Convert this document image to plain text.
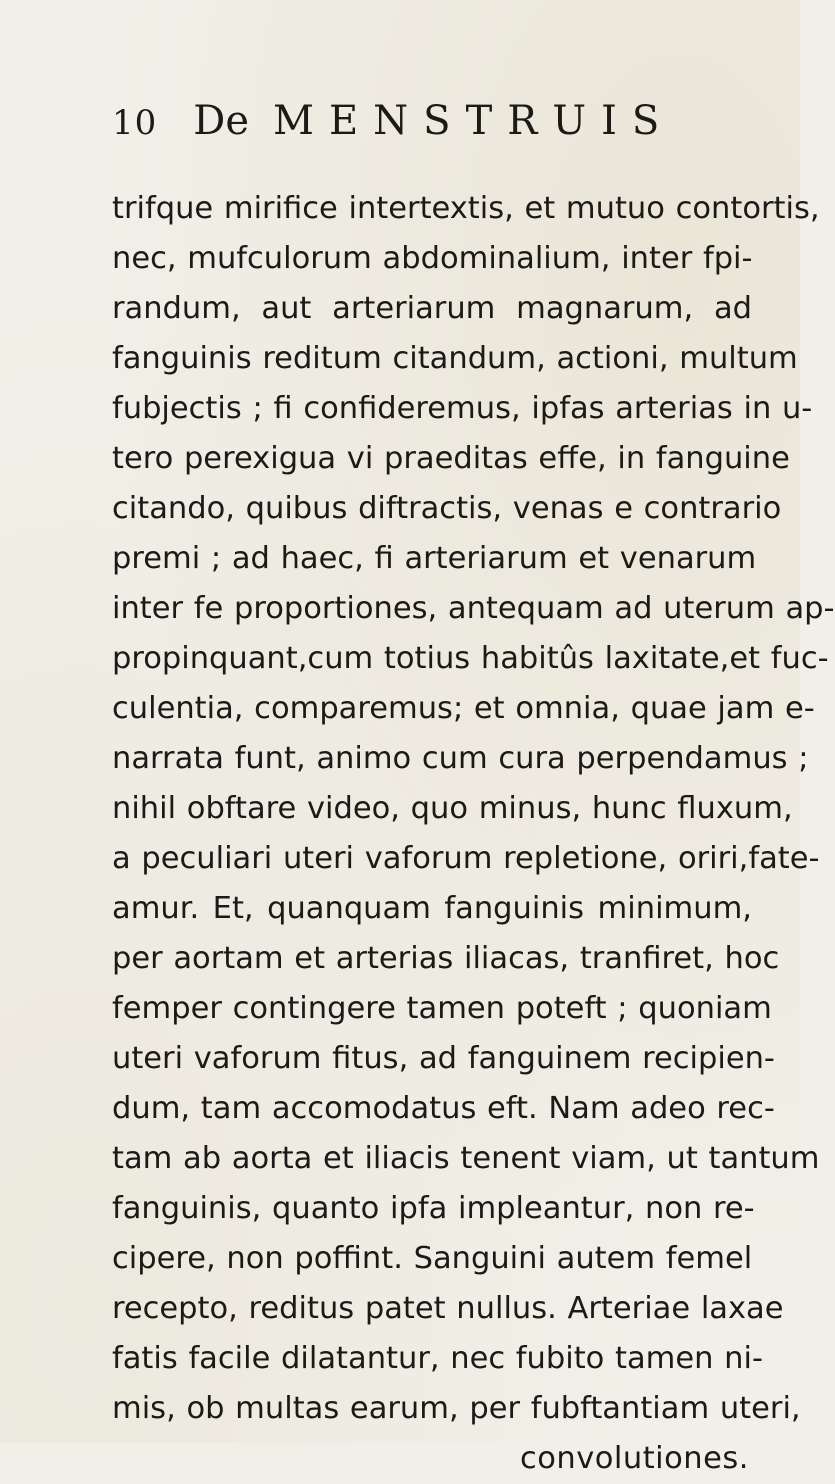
10 De MENSTRUIS
trifque mirifice intertextis, et mutuo contortis,
nec, mufculorum abdominalium, inter fpi-
randum, aut arteriarum magnarum, ad
fanguinis reditum citandum, actioni, multum
fubjectis ; fi confideremus, ipfas arterias in u-
tero perexigua vi praeditas effe, in fanguine
citando, quibus diftractis, venas e contrario
premi ; ad haec, fi arteriarum et venarum
inter fe proportiones, antequam ad uterum ap-
propinquant,cum totius habitûs laxitate,et fuc-
culentia, comparemus; et omnia, quae jam e-
narrata funt, animo cum cura perpendamus ;
nihil obftare video, quo minus, hunc fluxum,
a peculiari uteri vaforum repletione, oriri,fate-
amur. Et, quanquam fanguinis minimum,
per aortam et arterias iliacas, tranfiret, hoc
femper contingere tamen poteft ; quoniam
uteri vaforum fitus, ad fanguinem recipien-
dum, tam accomodatus eft. Nam adeo rec-
tam ab aorta et iliacis tenent viam, ut tantum
fanguinis, quanto ipfa impleantur, non re-
cipere, non poffint. Sanguini autem femel
recepto, reditus patet nullus. Arteriae laxae
fatis facile dilatantur, nec fubito tamen ni-
mis, ob multas earum, per fubftantiam uteri,
convolutiones.
